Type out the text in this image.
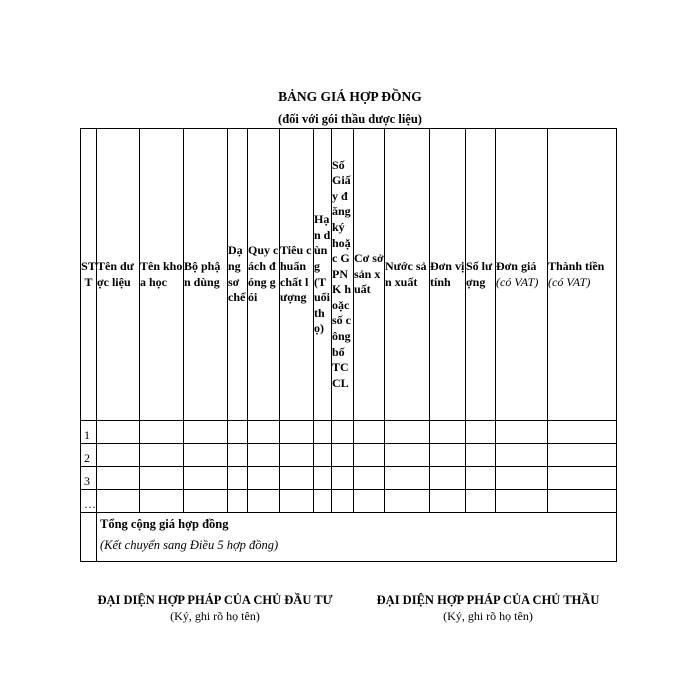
BẢNG GIÁ HỢP ĐỒNG
(đối với gói thầu dược liệu)
STT	Tên dược liệu	Tên khoa học	Bộ phận dùng	Dạng sơ chế	Quy cách đóng gói	Tiêu chuẩn chất lượng	Hạn dùng (Tuổi thọ)	Số Giấy đăng ký hoặc GPNK hoặc số công bố TCCL	Cơ sở sản xuất	Nước sản xuất	Đơn vị tính	Số lượng	Đơn giá (có VAT)	Thành tiền (có VAT)
1														
2														
3														
…														

	Tổng cộng giá hợp đồng
(Kết chuyển sang Điều 5 hợp đồng)													
ĐẠI DIỆN HỢP PHÁP CỦA CHỦ ĐẦU TƯ
(Ký, ghi rõ họ tên)
ĐẠI DIỆN HỢP PHÁP CỦA CHỦ THẦU
(Ký, ghi rõ họ tên)
